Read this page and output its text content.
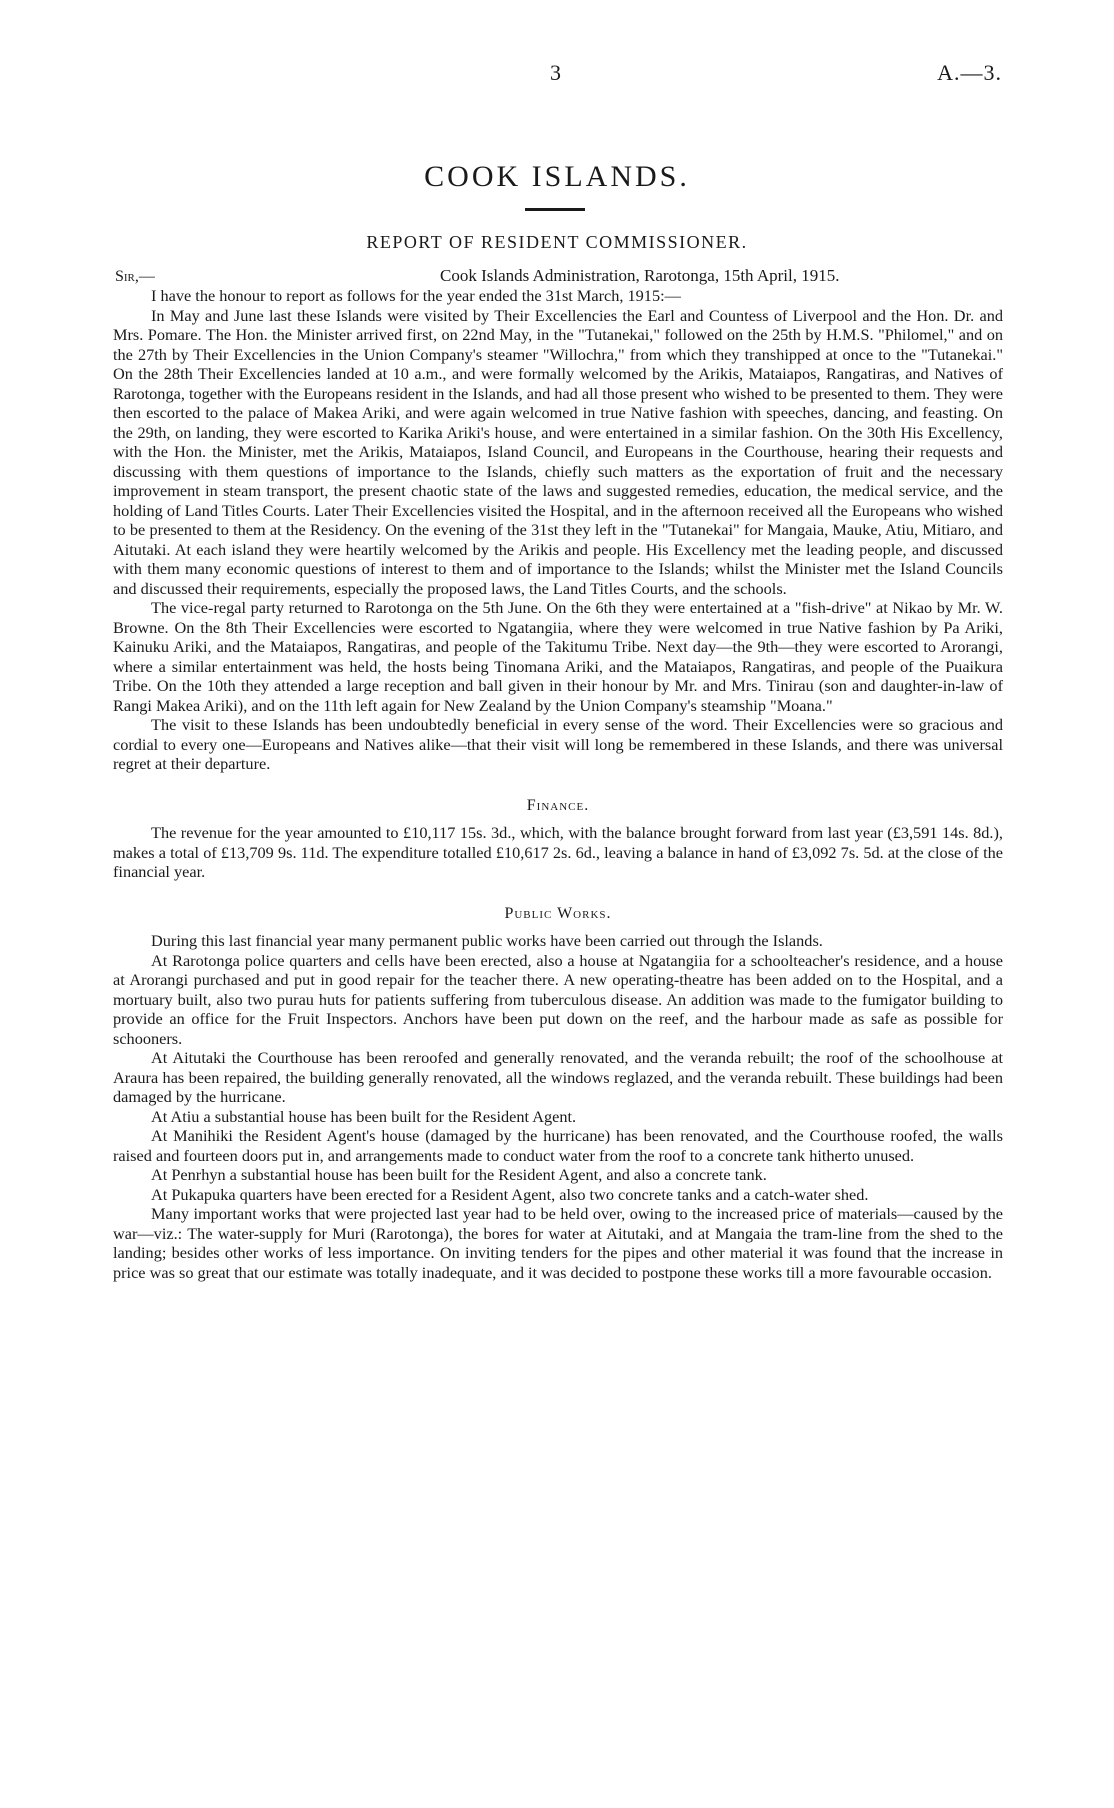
3	A.—3.
COOK ISLANDS.
REPORT OF RESIDENT COMMISSIONER.
Sir,—	Cook Islands Administration, Rarotonga, 15th April, 1915.

I have the honour to report as follows for the year ended the 31st March, 1915:—

In May and June last these Islands were visited by Their Excellencies the Earl and Countess of Liverpool and the Hon. Dr. and Mrs. Pomare. The Hon. the Minister arrived first, on 22nd May, in the "Tutanekai," followed on the 25th by H.M.S. "Philomel," and on the 27th by Their Excellencies in the Union Company's steamer "Willochra," from which they transhipped at once to the "Tutanekai." On the 28th Their Excellencies landed at 10 a.m., and were formally welcomed by the Arikis, Mataiapos, Rangatiras, and Natives of Rarotonga, together with the Europeans resident in the Islands, and had all those present who wished to be presented to them. They were then escorted to the palace of Makea Ariki, and were again welcomed in true Native fashion with speeches, dancing, and feasting. On the 29th, on landing, they were escorted to Karika Ariki's house, and were entertained in a similar fashion. On the 30th His Excellency, with the Hon. the Minister, met the Arikis, Mataiapos, Island Council, and Europeans in the Courthouse, hearing their requests and discussing with them questions of importance to the Islands, chiefly such matters as the exportation of fruit and the necessary improvement in steam transport, the present chaotic state of the laws and suggested remedies, education, the medical service, and the holding of Land Titles Courts. Later Their Excellencies visited the Hospital, and in the afternoon received all the Europeans who wished to be presented to them at the Residency. On the evening of the 31st they left in the "Tutanekai" for Mangaia, Mauke, Atiu, Mitiaro, and Aitutaki. At each island they were heartily welcomed by the Arikis and people. His Excellency met the leading people, and discussed with them many economic questions of interest to them and of importance to the Islands; whilst the Minister met the Island Councils and discussed their requirements, especially the proposed laws, the Land Titles Courts, and the schools.

The vice-regal party returned to Rarotonga on the 5th June. On the 6th they were entertained at a "fish-drive" at Nikao by Mr. W. Browne. On the 8th Their Excellencies were escorted to Ngatangiia, where they were welcomed in true Native fashion by Pa Ariki, Kainuku Ariki, and the Mataiapos, Rangatiras, and people of the Takitumu Tribe. Next day—the 9th—they were escorted to Arorangi, where a similar entertainment was held, the hosts being Tinomana Ariki, and the Mataiapos, Rangatiras, and people of the Puaikura Tribe. On the 10th they attended a large reception and ball given in their honour by Mr. and Mrs. Tinirau (son and daughter-in-law of Rangi Makea Ariki), and on the 11th left again for New Zealand by the Union Company's steamship "Moana."

The visit to these Islands has been undoubtedly beneficial in every sense of the word. Their Excellencies were so gracious and cordial to every one—Europeans and Natives alike—that their visit will long be remembered in these Islands, and there was universal regret at their departure.

Finance.

The revenue for the year amounted to £10,117 15s. 3d., which, with the balance brought forward from last year (£3,591 14s. 8d.), makes a total of £13,709 9s. 11d. The expenditure totalled £10,617 2s. 6d., leaving a balance in hand of £3,092 7s. 5d. at the close of the financial year.

Public Works.

During this last financial year many permanent public works have been carried out through the Islands.

At Rarotonga police quarters and cells have been erected, also a house at Ngatangiia for a schoolteacher's residence, and a house at Arorangi purchased and put in good repair for the teacher there. A new operating-theatre has been added on to the Hospital, and a mortuary built, also two purau huts for patients suffering from tuberculous disease. An addition was made to the fumigator building to provide an office for the Fruit Inspectors. Anchors have been put down on the reef, and the harbour made as safe as possible for schooners.

At Aitutaki the Courthouse has been reroofed and generally renovated, and the veranda rebuilt; the roof of the schoolhouse at Araura has been repaired, the building generally renovated, all the windows reglazed, and the veranda rebuilt. These buildings had been damaged by the hurricane.

At Atiu a substantial house has been built for the Resident Agent.

At Manihiki the Resident Agent's house (damaged by the hurricane) has been renovated, and the Courthouse roofed, the walls raised and fourteen doors put in, and arrangements made to conduct water from the roof to a concrete tank hitherto unused.

At Penrhyn a substantial house has been built for the Resident Agent, and also a concrete tank.

At Pukapuka quarters have been erected for a Resident Agent, also two concrete tanks and a catch-water shed.

Many important works that were projected last year had to be held over, owing to the increased price of materials—caused by the war—viz.: The water-supply for Muri (Rarotonga), the bores for water at Aitutaki, and at Mangaia the tram-line from the shed to the landing; besides other works of less importance. On inviting tenders for the pipes and other material it was found that the increase in price was so great that our estimate was totally inadequate, and it was decided to postpone these works till a more favourable occasion.
